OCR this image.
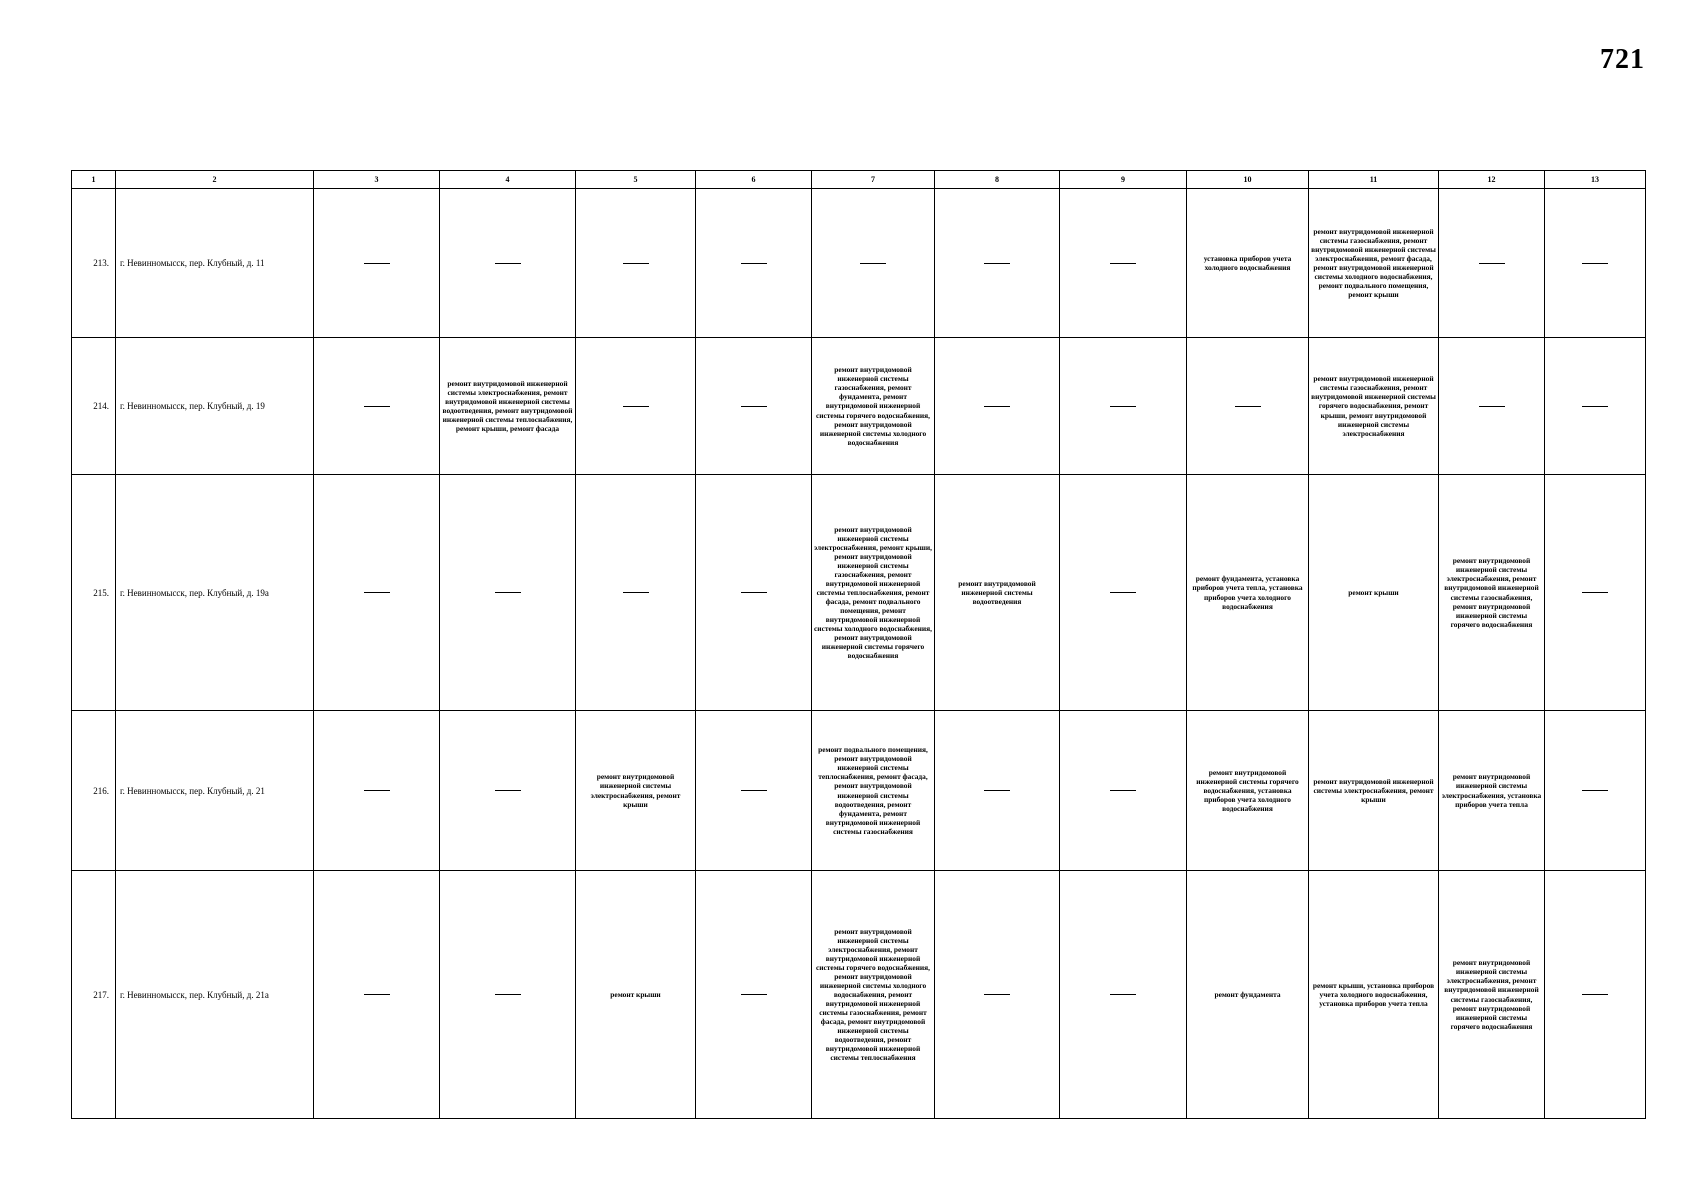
721
1	2	3	4	5	6	7	8	9	10	11	12	13
213.	г. Невинномысск, пер. Клубный, д. 11								установка приборов учета холодного водоснабжения	ремонт внутридомовой инженерной системы газоснабжения, ремонт внутридомовой инженерной системы электроснабжения, ремонт фасада, ремонт внутридомовой инженерной системы холодного водоснабжения, ремонт подвального помещения, ремонт крыши		

214.	г. Невинномысск, пер. Клубный, д. 19		ремонт внутридомовой инженерной системы электроснабжения, ремонт внутридомовой инженерной системы водоотведения, ремонт внутридомовой инженерной системы теплоснабжения, ремонт крыши, ремонт фасада			ремонт внутридомовой инженерной системы газоснабжения, ремонт фундамента, ремонт внутридомовой инженерной системы горячего водоснабжения, ремонт внутридомовой инженерной системы холодного водоснабжения				ремонт внутридомовой инженерной системы газоснабжения, ремонт внутридомовой инженерной системы горячего водоснабжения, ремонт крыши, ремонт внутридомовой инженерной системы электроснабжения		

215.	г. Невинномысск, пер. Клубный, д. 19а					ремонт внутридомовой инженерной системы электроснабжения, ремонт крыши, ремонт внутридомовой инженерной системы газоснабжения, ремонт внутридомовой инженерной системы теплоснабжения, ремонт фасада, ремонт подвального помещения, ремонт внутридомовой инженерной системы холодного водоснабжения, ремонт внутридомовой инженерной системы горячего водоснабжения	ремонт внутридомовой инженерной системы водоотведения		ремонт фундамента, установка приборов учета тепла, установка приборов учета холодного водоснабжения	ремонт крыши	ремонт внутридомовой инженерной системы электроснабжения, ремонт внутридомовой инженерной системы газоснабжения, ремонт внутридомовой инженерной системы горячего водоснабжения	

216.	г. Невинномысск, пер. Клубный, д. 21			ремонт внутридомовой инженерной системы электроснабжения, ремонт крыши		ремонт подвального помещения, ремонт внутридомовой инженерной системы теплоснабжения, ремонт фасада, ремонт внутридомовой инженерной системы водоотведения, ремонт фундамента, ремонт внутридомовой инженерной системы газоснабжения			ремонт внутридомовой инженерной системы горячего водоснабжения, установка приборов учета холодного водоснабжения	ремонт внутридомовой инженерной системы электроснабжения, ремонт крыши	ремонт внутридомовой инженерной системы электроснабжения, установка приборов учета тепла	

217.	г. Невинномысск, пер. Клубный, д. 21а			ремонт крыши		ремонт внутридомовой инженерной системы электроснабжения, ремонт внутридомовой инженерной системы горячего водоснабжения, ремонт внутридомовой инженерной системы холодного водоснабжения, ремонт внутридомовой инженерной системы газоснабжения, ремонт фасада, ремонт внутридомовой инженерной системы водоотведения, ремонт внутридомовой инженерной системы теплоснабжения			ремонт фундамента	ремонт крыши, установка приборов учета холодного водоснабжения, установка приборов учета тепла	ремонт внутридомовой инженерной системы электроснабжения, ремонт внутридомовой инженерной системы газоснабжения, ремонт внутридомовой инженерной системы горячего водоснабжения	
